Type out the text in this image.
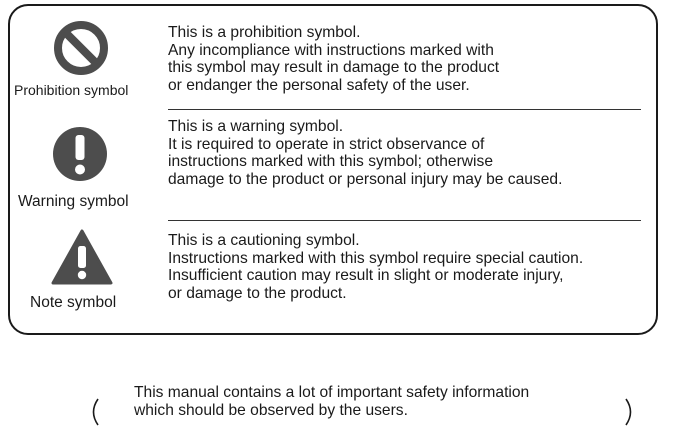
Prohibition symbol
This is a prohibition symbol.
Any incompliance with instructions marked with
this symbol may result in damage to the product
or endanger the personal safety of the user.
Warning symbol
This is a warning symbol.
It is required to operate in strict observance of
instructions marked with this symbol; otherwise
damage to the product or personal injury may be caused.
Note symbol
This is a cautioning symbol.
Instructions marked with this symbol require special caution.
Insufficient caution may result in slight or moderate injury,
or damage to the product.
This manual contains a lot of important safety information
which should be observed by the users.
